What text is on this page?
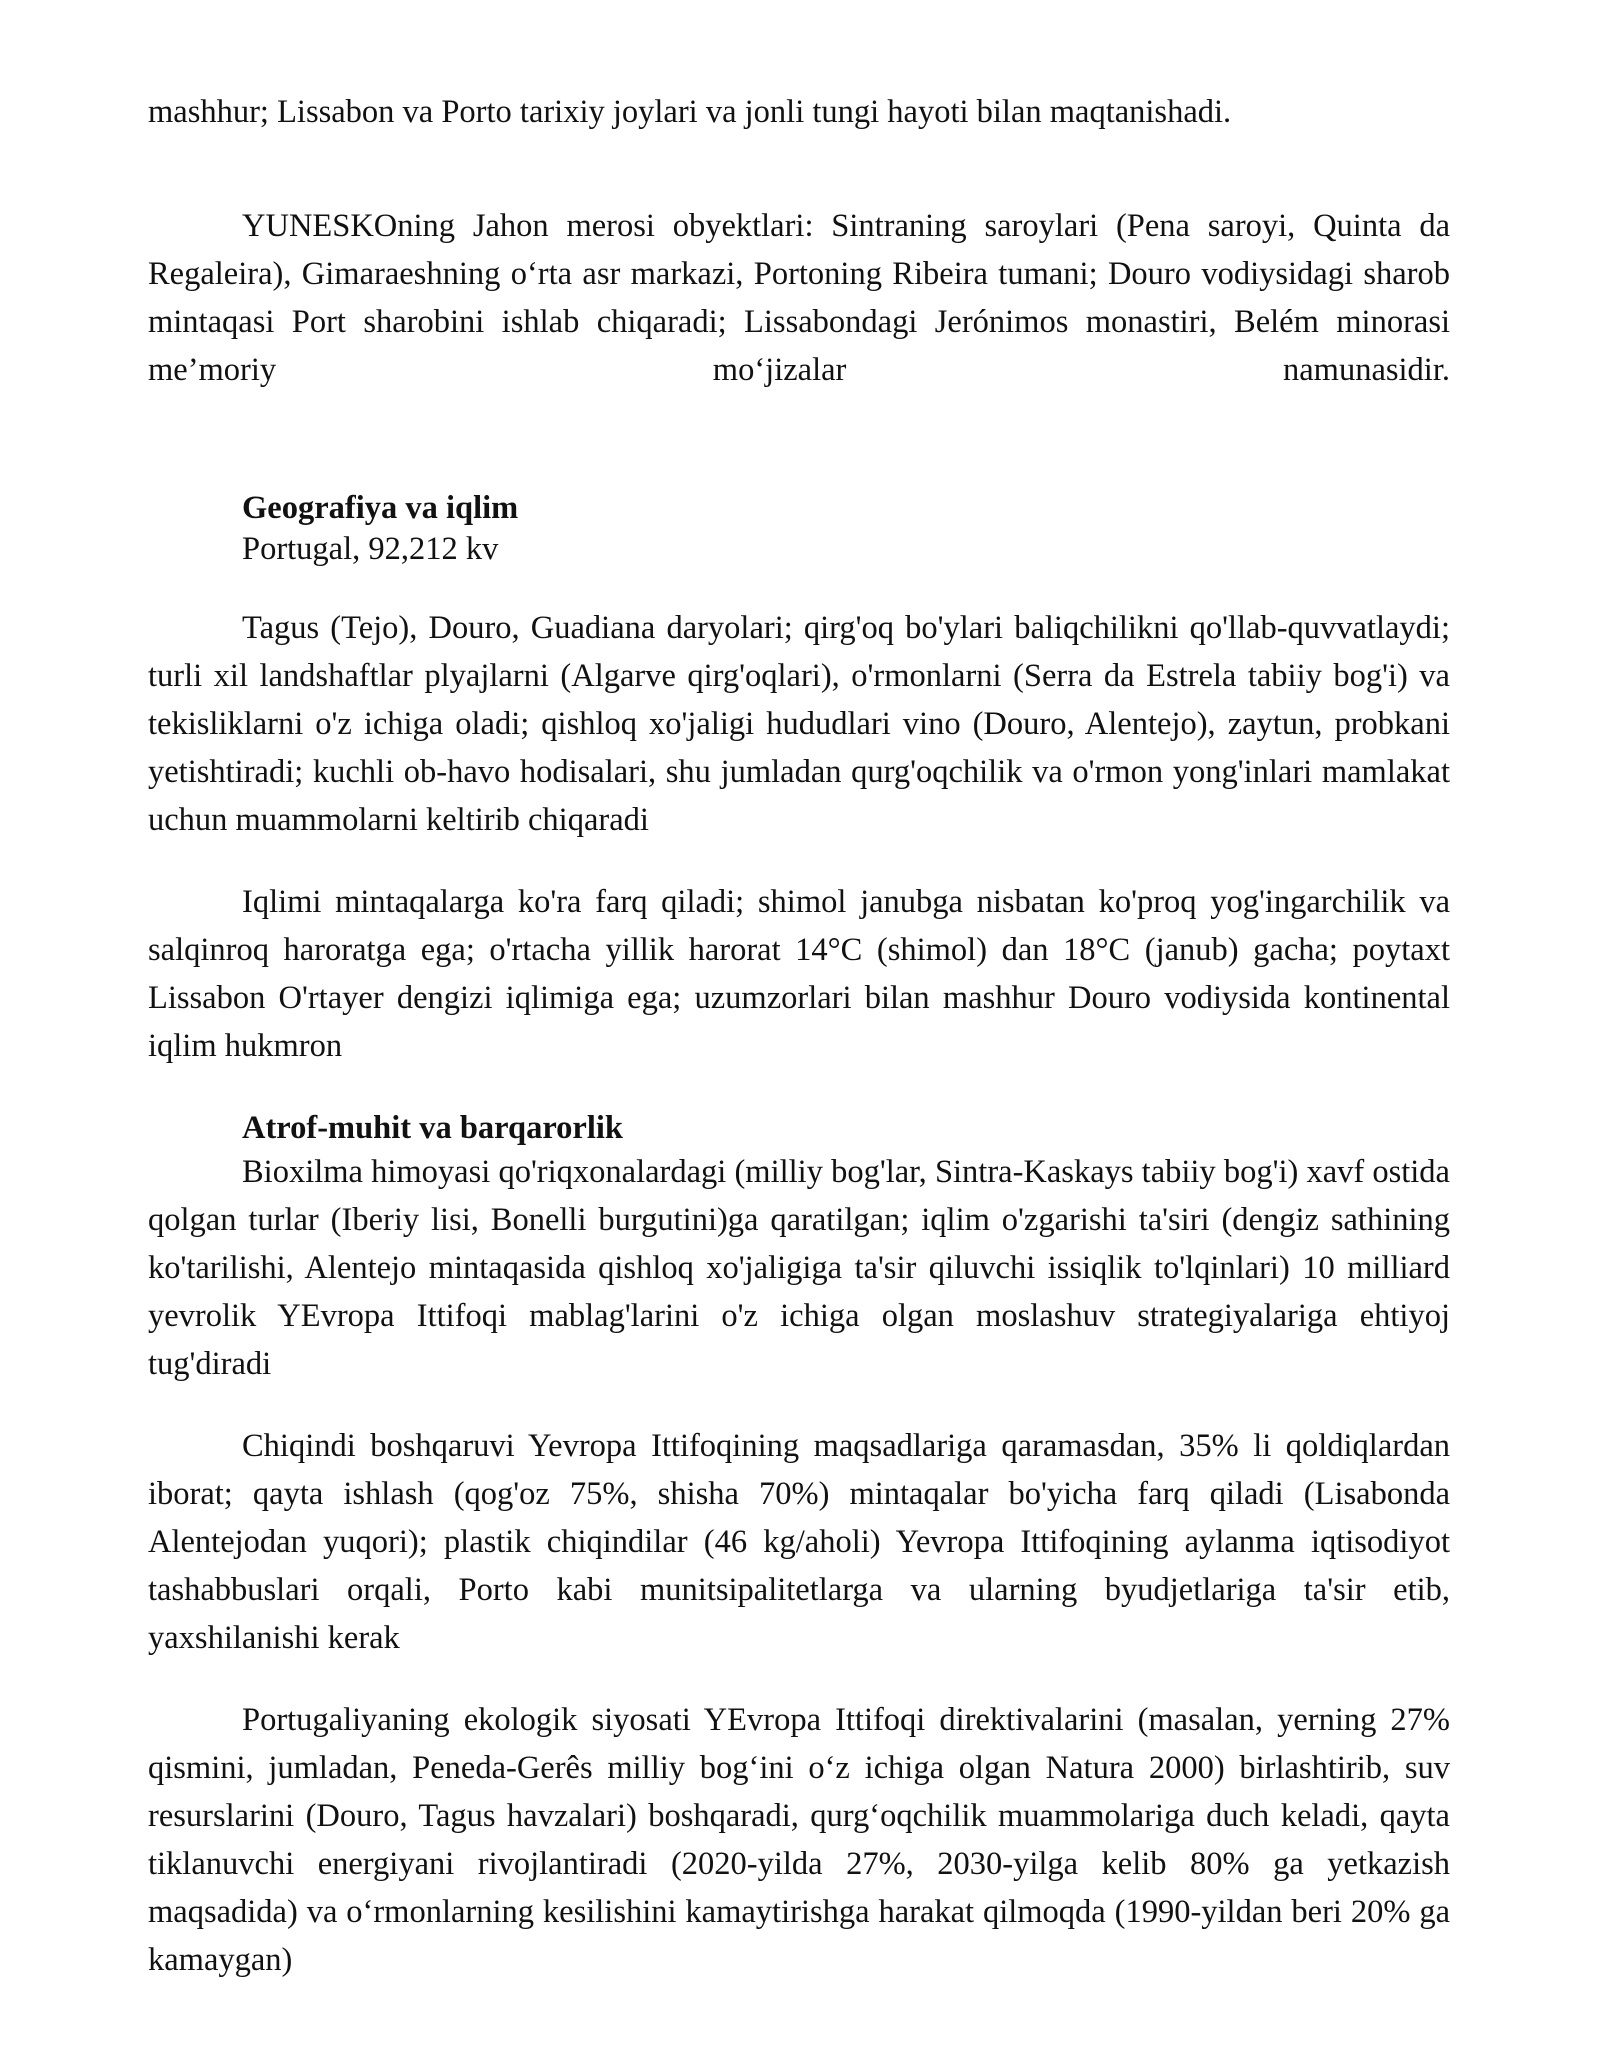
mashhur; Lissabon va Porto tarixiy joylari va jonli tungi hayoti bilan maqtanishadi.

YUNESKOning Jahon merosi obyektlari: Sintraning saroylari (Pena saroyi, Quinta da Regaleira), Gimaraeshning o‘rta asr markazi, Portoning Ribeira tumani; Douro vodiysidagi sharob mintaqasi Port sharobini ishlab chiqaradi; Lissabondagi Jerónimos monastiri, Belém minorasi me’moriy mo‘jizalar namunasidir.

Geografiya va iqlim

Portugal, 92,212 kv

Tagus (Tejo), Douro, Guadiana daryolari; qirg'oq bo'ylari baliqchilikni qo'llab-quvvatlaydi; turli xil landshaftlar plyajlarni (Algarve qirg'oqlari), o'rmonlarni (Serra da Estrela tabiiy bog'i) va tekisliklarni o'z ichiga oladi; qishloq xo'jaligi hududlari vino (Douro, Alentejo), zaytun, probkani yetishtiradi; kuchli ob-havo hodisalari, shu jumladan qurg'oqchilik va o'rmon yong'inlari mamlakat uchun muammolarni keltirib chiqaradi

Iqlimi mintaqalarga ko'ra farq qiladi; shimol janubga nisbatan ko'proq yog'ingarchilik va salqinroq haroratga ega; o'rtacha yillik harorat 14°C (shimol) dan 18°C (janub) gacha; poytaxt Lissabon O'rtayer dengizi iqlimiga ega; uzumzorlari bilan mashhur Douro vodiysida kontinental iqlim hukmron

Atrof-muhit va barqarorlik

Bioxilma himoyasi qo'riqxonalardagi (milliy bog'lar, Sintra-Kaskays tabiiy bog'i) xavf ostida qolgan turlar (Iberiy lisi, Bonelli burgutini)ga qaratilgan; iqlim o'zgarishi ta'siri (dengiz sathining ko'tarilishi, Alentejo mintaqasida qishloq xo'jaligiga ta'sir qiluvchi issiqlik to'lqinlari) 10 milliard yevrolik YEvropa Ittifoqi mablag'larini o'z ichiga olgan moslashuv strategiyalariga ehtiyoj tug'diradi

Chiqindi boshqaruvi Yevropa Ittifoqining maqsadlariga qaramasdan, 35% li qoldiqlardan iborat; qayta ishlash (qog'oz 75%, shisha 70%) mintaqalar bo'yicha farq qiladi (Lisabonda Alentejodan yuqori); plastik chiqindilar (46 kg/aholi) Yevropa Ittifoqining aylanma iqtisodiyot tashabbuslari orqali, Porto kabi munitsipalitetlarga va ularning byudjetlariga ta'sir etib, yaxshilanishi kerak

Portugaliyaning ekologik siyosati YEvropa Ittifoqi direktivalarini (masalan, yerning 27% qismini, jumladan, Peneda-Gerês milliy bog‘ini o‘z ichiga olgan Natura 2000) birlashtirib, suv resurslarini (Douro, Tagus havzalari) boshqaradi, qurg‘oqchilik muammolariga duch keladi, qayta tiklanuvchi energiyani rivojlantiradi (2020-yilda 27%, 2030-yilga kelib 80% ga yetkazish maqsadida) va o‘rmonlarning kesilishini kamaytirishga harakat qilmoqda (1990-yildan beri 20% ga kamaygan)
